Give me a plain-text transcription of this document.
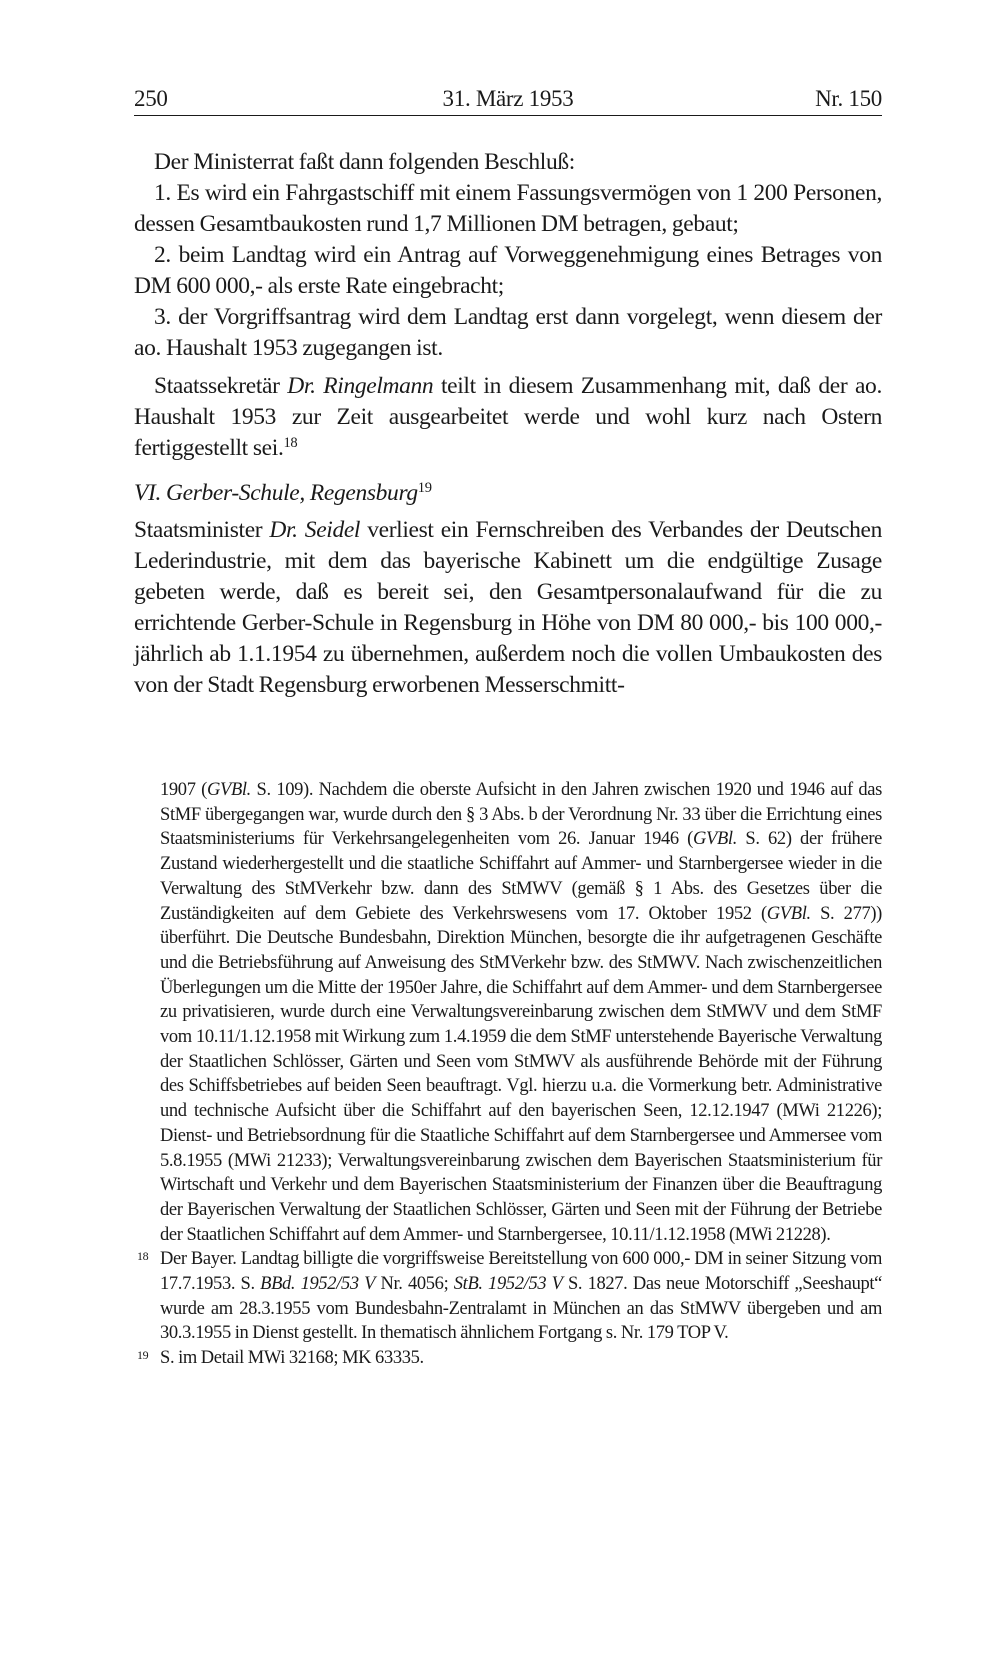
250	31. März 1953	Nr. 150

Der Ministerrat faßt dann folgenden Beschluß:

1. Es wird ein Fahrgastschiff mit einem Fassungsvermögen von 1 200 Personen, dessen Gesamtbaukosten rund 1,7 Millionen DM betragen, gebaut;

2. beim Landtag wird ein Antrag auf Vorweggenehmigung eines Betrages von DM 600 000,- als erste Rate eingebracht;

3. der Vorgriffsantrag wird dem Landtag erst dann vorgelegt, wenn diesem der ao. Haushalt 1953 zugegangen ist.

Staatssekretär Dr. Ringelmann teilt in diesem Zusammenhang mit, daß der ao. Haushalt 1953 zur Zeit ausgearbeitet werde und wohl kurz nach Ostern fertiggestellt sei.$^{18}$

VI. Gerber-Schule, Regensburg$^{19}$

Staatsminister Dr. Seidel verliest ein Fernschreiben des Verbandes der Deutschen Lederindustrie, mit dem das bayerische Kabinett um die endgültige Zusage gebeten werde, daß es bereit sei, den Gesamtpersonalaufwand für die zu errichtende Gerber-Schule in Regensburg in Höhe von DM 80 000,- bis 100 000,- jährlich ab 1.1.1954 zu übernehmen, außerdem noch die vollen Umbaukosten des von der Stadt Regensburg erworbenen Messerschmitt-

1907 (GVBl. S. 109). Nachdem die oberste Aufsicht in den Jahren zwischen 1920 und 1946 auf das StMF übergegangen war, wurde durch den § 3 Abs. b der Verordnung Nr. 33 über die Errichtung eines Staatsministeriums für Verkehrsangelegenheiten vom 26. Januar 1946 (GVBl. S. 62) der frühere Zustand wiederhergestellt und die staatliche Schiffahrt auf Ammer- und Starnbergersee wieder in die Verwaltung des StMVerkehr bzw. dann des StMWV (gemäß § 1 Abs. des Gesetzes über die Zuständigkeiten auf dem Gebiete des Verkehrswesens vom 17. Oktober 1952 (GVBl. S. 277)) überführt. Die Deutsche Bundesbahn, Direktion München, besorgte die ihr aufgetragenen Geschäfte und die Betriebsführung auf Anweisung des StMVerkehr bzw. des StMWV. Nach zwischenzeitlichen Überlegungen um die Mitte der 1950er Jahre, die Schiffahrt auf dem Ammer- und dem Starnbergersee zu privatisieren, wurde durch eine Verwaltungsvereinbarung zwischen dem StMWV und dem StMF vom 10.11/1.12.1958 mit Wirkung zum 1.4.1959 die dem StMF unterstehende Bayerische Verwaltung der Staatlichen Schlösser, Gärten und Seen vom StMWV als ausführende Behörde mit der Führung des Schiffsbetriebes auf beiden Seen beauftragt. Vgl. hierzu u.a. die Vormerkung betr. Administrative und technische Aufsicht über die Schiffahrt auf den bayerischen Seen, 12.12.1947 (MWi 21226); Dienst- und Betriebsordnung für die Staatliche Schiffahrt auf dem Starnbergersee und Ammersee vom 5.8.1955 (MWi 21233); Verwaltungsvereinbarung zwischen dem Bayerischen Staatsministerium für Wirtschaft und Verkehr und dem Bayerischen Staatsministerium der Finanzen über die Beauftragung der Bayerischen Verwaltung der Staatlichen Schlösser, Gärten und Seen mit der Führung der Betriebe der Staatlichen Schiffahrt auf dem Ammer- und Starnbergersee, 10.11/1.12.1958 (MWi 21228).

18 Der Bayer. Landtag billigte die vorgriffsweise Bereitstellung von 600 000,- DM in seiner Sitzung vom 17.7.1953. S. BBd. 1952/53 V Nr. 4056; StB. 1952/53 V S. 1827. Das neue Motorschiff „Seeshaupt“ wurde am 28.3.1955 vom Bundesbahn-Zentralamt in München an das StMWV übergeben und am 30.3.1955 in Dienst gestellt. In thematisch ähnlichem Fortgang s. Nr. 179 TOP V.

19 S. im Detail MWi 32168; MK 63335.
